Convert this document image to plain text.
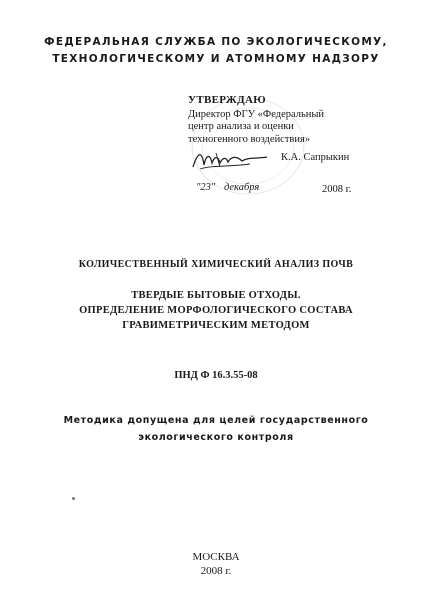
ФЕДЕРАЛЬНАЯ СЛУЖБА ПО ЭКОЛОГИЧЕСКОМУ,
ТЕХНОЛОГИЧЕСКОМУ И АТОМНОМУ НАДЗОРУ
УТВЕРЖДАЮ
Директор ФГУ «Федеральный
центр анализа и оценки
техногенного воздействия»
К.А. Сапрыкин
"23" декабря	2008 г.
КОЛИЧЕСТВЕННЫЙ ХИМИЧЕСКИЙ АНАЛИЗ ПОЧВ
ТВЕРДЫЕ БЫТОВЫЕ ОТХОДЫ.
ОПРЕДЕЛЕНИЕ МОРФОЛОГИЧЕСКОГО СОСТАВА
ГРАВИМЕТРИЧЕСКИМ МЕТОДОМ
ПНД Ф 16.3.55-08
Методика допущена для целей государственного
экологического контроля
МОСКВА
2008 г.
